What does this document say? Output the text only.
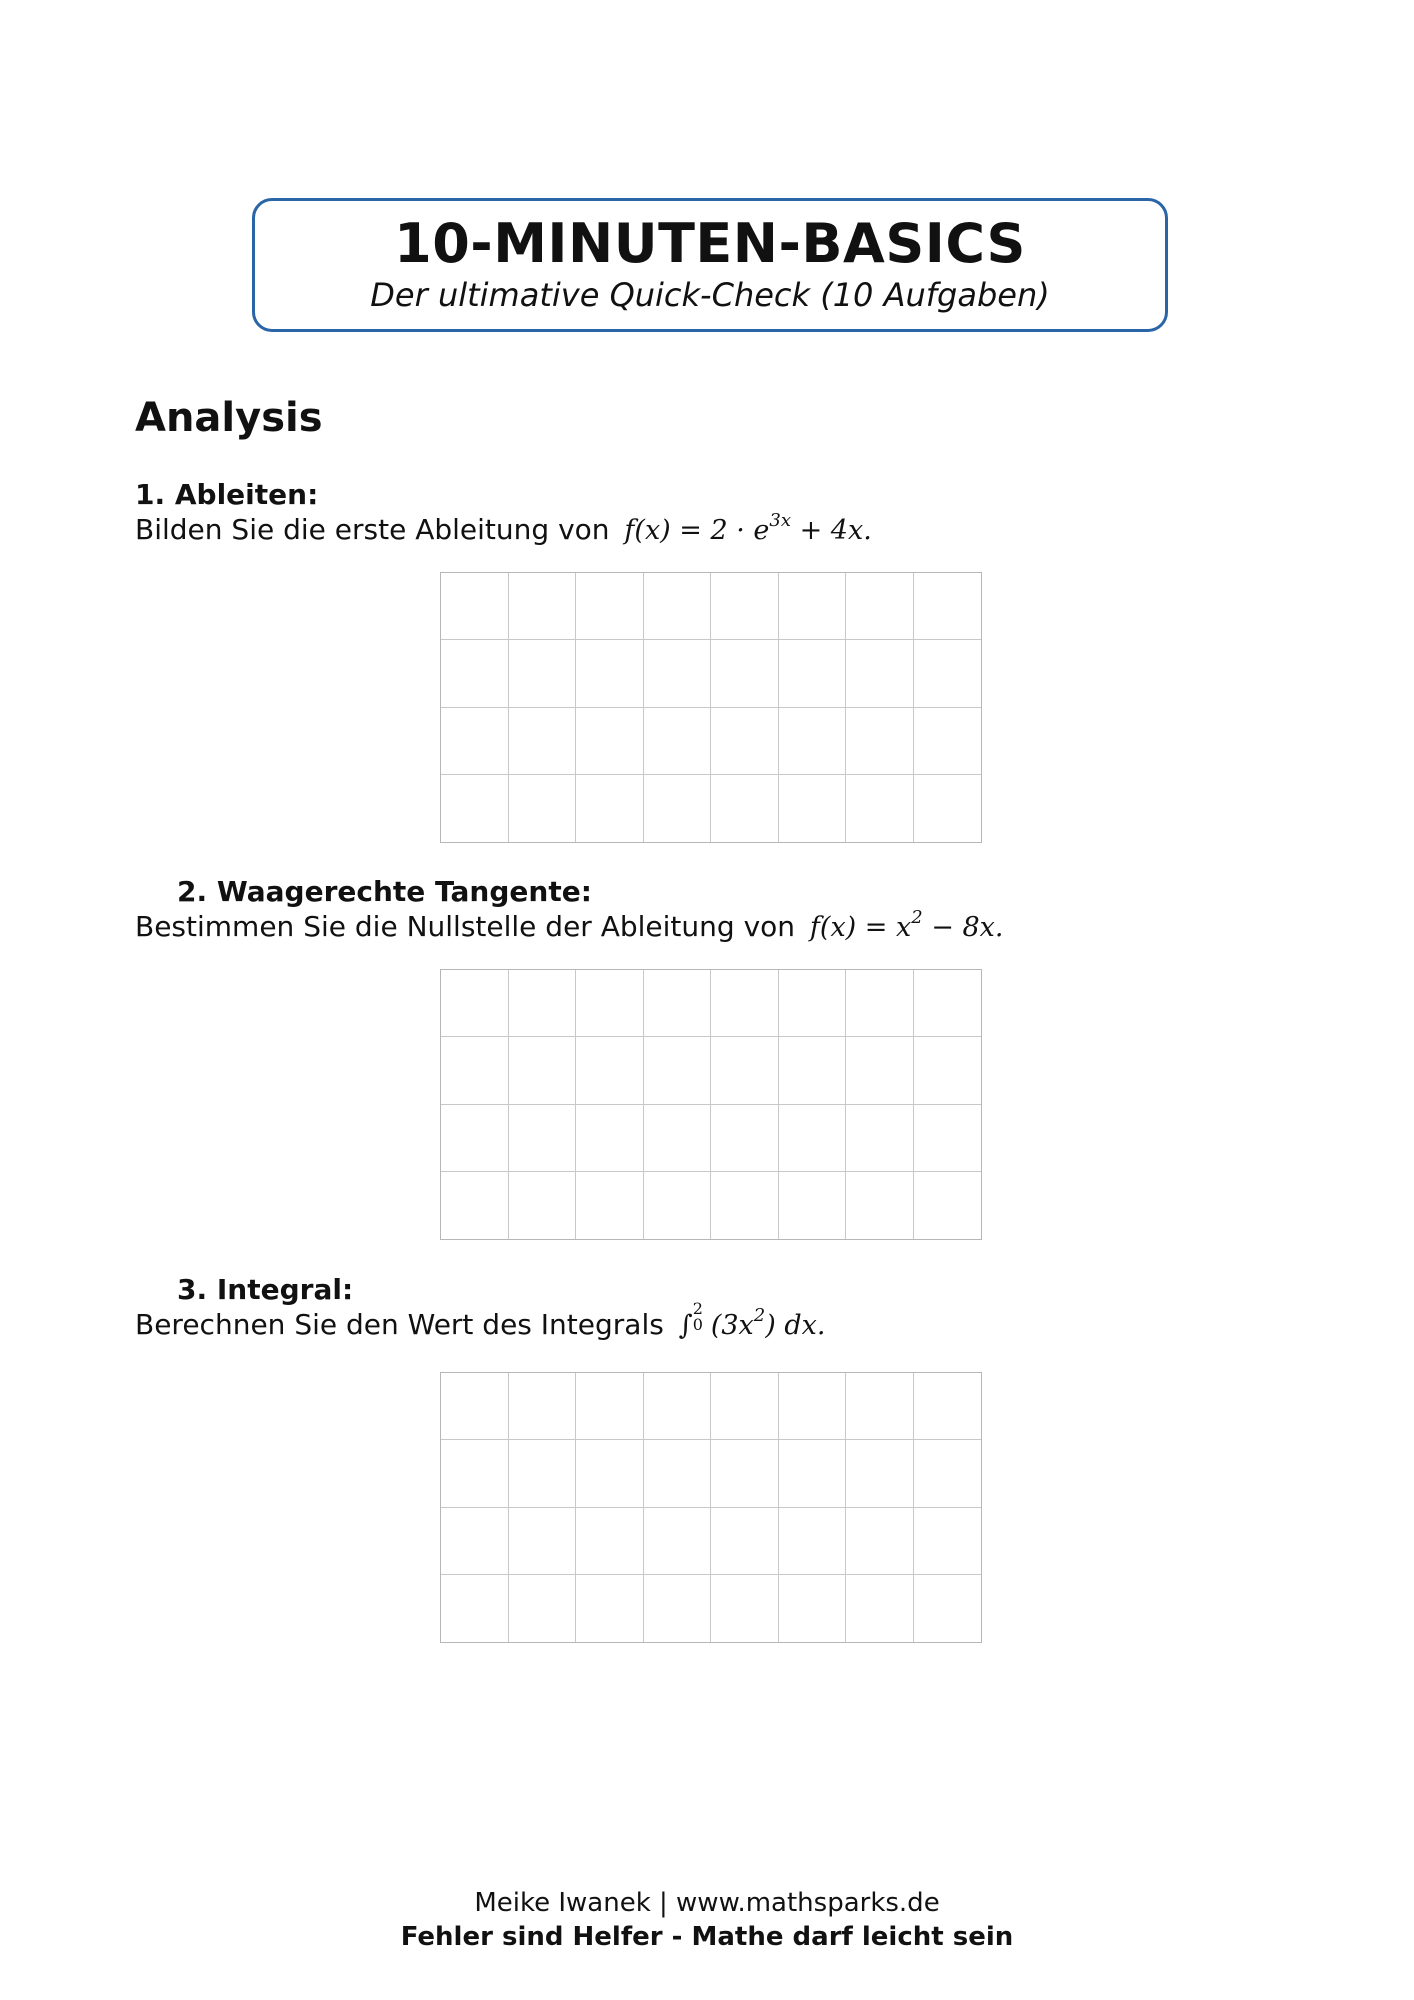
10-MINUTEN-BASICS
Der ultimative Quick-Check (10 Aufgaben)
Analysis
1. Ableiten:
Bilden Sie die erste Ableitung von $f(x) = 2 \cdot e^{3x} + 4x$.
2. Waagerechte Tangente:
Bestimmen Sie die Nullstelle der Ableitung von $f(x) = x^2 - 8x$.
3. Integral:
Berechnen Sie den Wert des Integrals ∫
2
0 $(3x^2)$ dx.
Meike Iwanek | www.mathsparks.de
Fehler sind Helfer - Mathe darf leicht sein
